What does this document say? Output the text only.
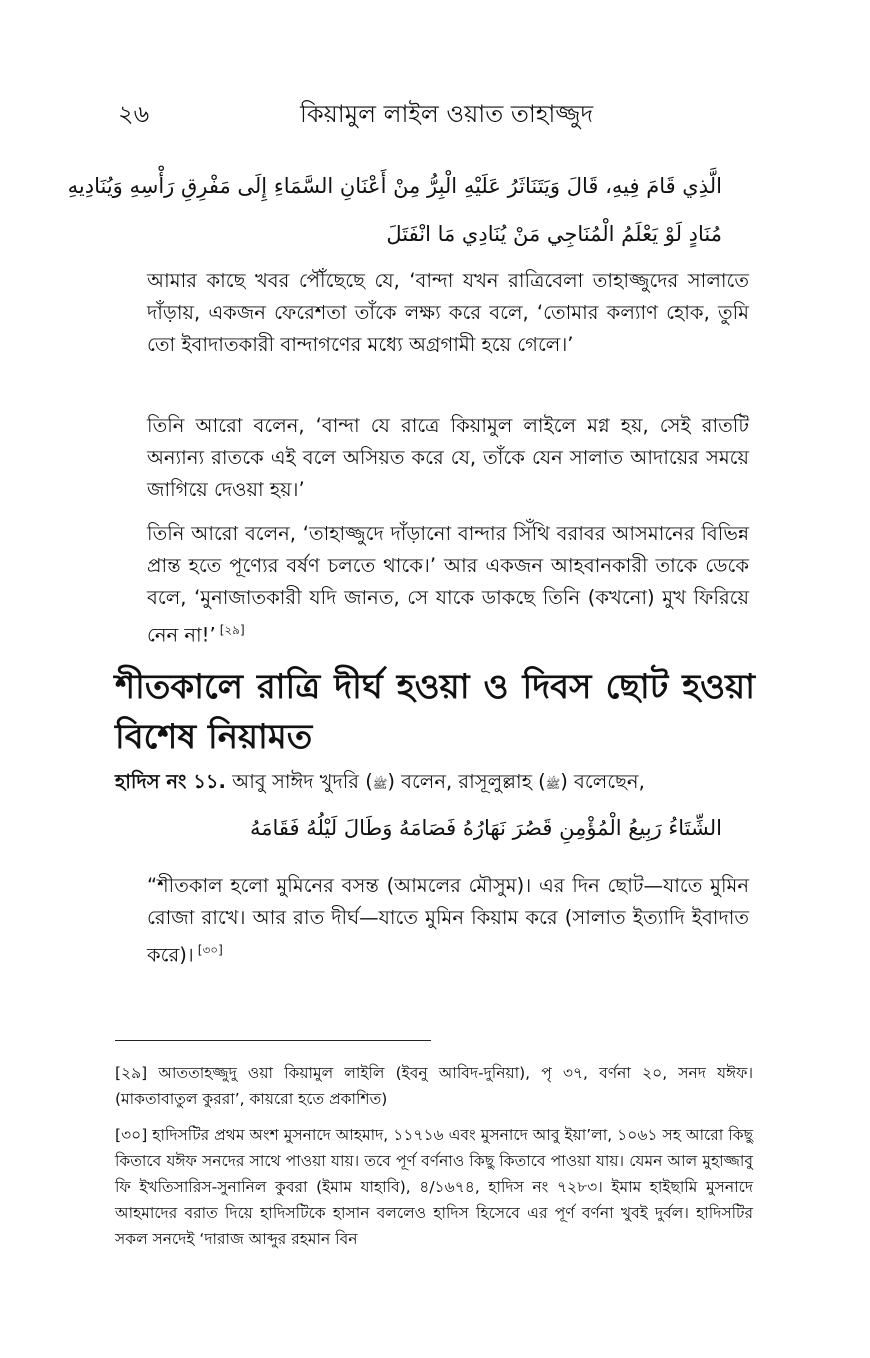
২৬	কিয়ামুল লাইল ওয়াত তাহাজ্জুদ
الَّذِي قَامَ فِيهِ، قَالَ وَيَتَنَاثَرُ عَلَيْهِ الْبِرُّ مِنْ أَعْنَانِ السَّمَاءِ إِلَى مَفْرِقِ رَأْسِهِ وَيُنَادِيهِ
مُنَادٍ لَوْ يَعْلَمُ الْمُنَاجِي مَنْ يُنَادِي مَا انْفَتَلَ
আমার কাছে খবর পৌঁছেছে যে, ‘বান্দা যখন রাত্রিবেলা তাহাজ্জুদের সালাতে দাঁড়ায়, একজন ফেরেশতা তাঁকে লক্ষ্য করে বলে, ‘তোমার কল্যাণ হোক, তুমি তো ইবাদাতকারী বান্দাগণের মধ্যে অগ্রগামী হয়ে গেলে।’
তিনি আরো বলেন, ‘বান্দা যে রাত্রে কিয়ামুল লাইলে মগ্ন হয়, সেই রাতটি অন্যান্য রাতকে এই বলে অসিয়ত করে যে, তাঁকে যেন সালাত আদায়ের সময়ে জাগিয়ে দেওয়া হয়।’
তিনি আরো বলেন, ‘তাহাজ্জুদে দাঁড়ানো বান্দার সিঁথি বরাবর আসমানের বিভিন্ন প্রান্ত হতে পূণ্যের বর্ষণ চলতে থাকে।’ আর একজন আহবানকারী তাকে ডেকে বলে, ‘মুনাজাতকারী যদি জানত, সে যাকে ডাকছে তিনি (কখনো) মুখ ফিরিয়ে নেন না!’ [২৯]
শীতকালে রাত্রি দীর্ঘ হওয়া ও দিবস ছোট হওয়া বিশেষ নিয়ামত
হাদিস নং ১১. আবু সাঈদ খুদরি (ﷺ) বলেন, রাসূলুল্লাহ (ﷺ) বলেছেন,
الشِّتَاءُ رَبِيعُ الْمُؤْمِنِ قَصُرَ نَهَارُهُ فَصَامَهُ وَطَالَ لَيْلُهُ فَقَامَهُ
“শীতকাল হলো মুমিনের বসন্ত (আমলের মৌসুম)। এর দিন ছোট—যাতে মুমিন রোজা রাখে। আর রাত দীর্ঘ—যাতে মুমিন কিয়াম করে (সালাত ইত্যাদি ইবাদাত করে)। [৩০]
[২৯] আততাহজ্জুদু ওয়া কিয়ামুল লাইলি (ইবনু আবিদ-দুনিয়া), পৃ ৩৭, বর্ণনা ২০, সনদ যঈফ। (মাকতাবাতুল কুররা’, কায়রো হতে প্রকাশিত)
[৩০] হাদিসটির প্রথম অংশ মুসনাদে আহমাদ, ১১৭১৬ এবং মুসনাদে আবু ইয়া’লা, ১০৬১ সহ আরো কিছু কিতাবে যঈফ সনদের সাথে পাওয়া যায়। তবে পূর্ণ বর্ণনাও কিছু কিতাবে পাওয়া যায়। যেমন আল মুহাজ্জাবু ফি ইখতিসারিস-সুনানিল কুবরা (ইমাম যাহাবি), ৪/১৬৭৪, হাদিস নং ৭২৮৩। ইমাম হাইছামি মুসনাদে আহমাদের বরাত দিয়ে হাদিসটিকে হাসান বললেও হাদিস হিসেবে এর পূর্ণ বর্ণনা খুবই দুর্বল। হাদিসটির সকল সনদেই ‘দারাজ আব্দুর রহমান বিন
